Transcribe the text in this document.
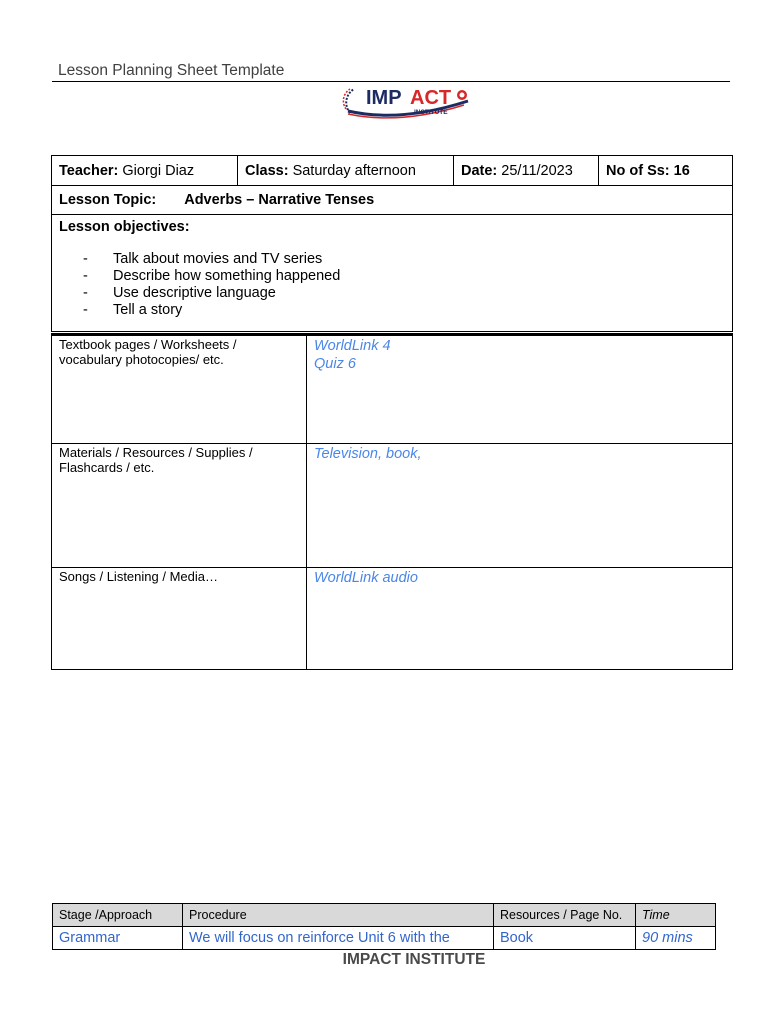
Lesson Planning Sheet Template
IMP ACT
INSTITUTE
Teacher: Giorgi Diaz	Class: Saturday afternoon	Date: 25/11/2023	No of Ss: 16
Lesson Topic: Adverbs – Narrative Tenses
Lesson objectives:
- Talk about movies and TV series
- Describe how something happened
- Use descriptive language
- Tell a story
Textbook pages / Worksheets / vocabulary photocopies/ etc.	WorldLink 4
Quiz 6

Materials / Resources / Supplies / Flashcards / etc.	Television, book,
Songs / Listening / Media…	WorldLink audio
Stage /Approach	Procedure	Resources / Page No.	Time
Grammar	We will focus on reinforce Unit 6 with the	Book	90 mins
IMPACT INSTITUTE
